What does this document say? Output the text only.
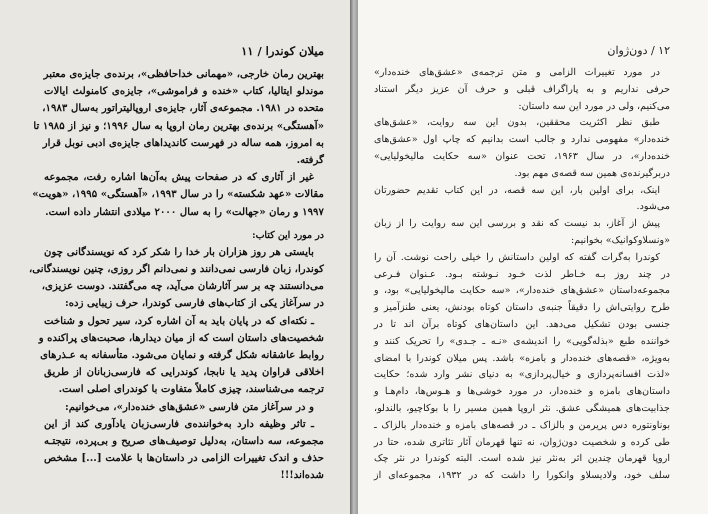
میلان کوندرا / ۱۱
بهترین رمان خارجی، «مهمانی خداحافظی»، برنده‌ی جایزه‌ی معتبر
موندلو ایتالیا، کتاب «خنده و فراموشی»، جایزه‌ی کامنولث ایالات
متحده در ۱۹۸۱. مجموعه‌ی آثار، جایزه‌ی اروپالیتراتور به‌سال ۱۹۸۳،
«آهستگی» برنده‌ی بهترین رمان اروپا به سال ۱۹۹۶؛ و نیز از ۱۹۸۵ تا
به امروز، همه ساله در فهرست کاندیداهای جایزه‌ی ادبی نوبل قرار
گرفته.
غیر از آثاری که در صفحات پیش به‌آن‌ها اشاره رفت، مجموعه
مقالات «عهد شکسته» را در سال ۱۹۹۳، «آهستگی» ۱۹۹۵، «هویت»
۱۹۹۷ و رمان «جهالت» را به سال ۲۰۰۰ میلادی انتشار داده است.
در مورد این کتاب:
بایستی هر روز هزاران بار خدا را شکر کرد که نویسندگانی چون
کوندرا، زبان فارسی نمی‌دانند و نمی‌دانم اگر روزی، چنین نویسندگانی،
می‌دانستند چه بر سر آثارشان می‌آید، چه می‌گفتند. دوست عزیزی،
در سرآغاز یکی از کتاب‌های فارسی کوندرا، حرف زیبایی زده:
ـ نکته‌ای که در پایان باید به آن اشاره کرد، سیر تحول و شناخت
شخصیت‌های داستان است که از میان دیدارها، صحبت‌های پراکنده و
روابط عاشقانه شکل گرفته و نمایان می‌شود. متأسفانه به عـذرهای
اخلاقی قراوان پدید یا نابجا، کوندرایی که فارسی‌زبانان از طریق
ترجمه می‌شناسند، چیزی کاملاً متفاوت با کوندرای اصلی است.
و در سرآغاز متن فارسی «عشق‌های خنده‌دار»، می‌خوانیم:
ـ تاثر وظیفه دارد به‌خواننده‌ی فارسی‌زبان یادآوری کند از این
مجموعه، سه داستان، به‌دلیل توصیف‌های صریح و بی‌پرده، نتیجتـه
حذف و اندک تغییرات الزامی در داستان‌ها با علامت [...] مشخص
شده‌اند!!!
۱۲ / دون‌ژوان
در مورد تغییرات الزامی و متن ترجمه‌ی «عشق‌های خنده‌دار»
حرفی نداریم و به پاراگراف قبلی و حرف آن عزیز دیگر استناد
می‌کنیم، ولی در مورد این سه داستان:
طبق نظر اکثریت محققین، بدون این سه روایت، «عشق‌های
خنده‌دار» مفهومی ندارد و جالب است بدانیم که چاپ اول «عشق‌های
خنده‌دار»، در سال ۱۹۶۳، تحت عنوان «سه حکایت مالیخولیایی»
دربرگیرنده‌ی همین سه قصه‌ی مهم بود.
اینک، برای اولین بار، این سه قصه، در این کتاب تقدیم حضورتان
می‌شود.
پیش از آغاز، بد نیست که نقد و بررسی این سه روایت را از زبان
«ونسلاوکوانیک» بخوانیم:
کوندرا به‌گرات گفته که اولین داستانش را خیلی راحت نوشت. آن را
در چند روز بـه خـاطر لذت خـود نـوشته بـود. عـنوان فـرعی
مجموعه‌داستان «عشق‌های خنده‌دار»، «سه حکایت مالیخولیایی» بود، و
طرح روایتی‌اش را دقیقاً جنبه‌ی داستان کوتاه بودنش، یعنی طنزآمیز و
جنسی بودن تشکیل می‌دهد. این داستان‌های کوتاه برآن اند تا در
خواننده طبع «بذله‌گویی» را اندیشه‌ی «نـه ـ جـدی» را تحریک کنند و
به‌ویژه، «قصه‌های خنده‌دار و بامزه» باشد. پس میلان کوندرا با امضای
«لذت افسانه‌پردازی و خیال‌پردازی» به دنیای نشر وارد شده؛ حکایت
داستان‌های بامزه و خنده‌دار، در مورد خوشی‌ها و هـوس‌ها، دام‌هـا و
جذابیت‌های همیشگی عشق. نثر اروپا همین مسیر را با بوکاچیو، بالندلو،
بوناونتوره دس پریرمن و بالزاک ـ در قصه‌های بامزه و خنده‌دار بالزاک ـ
طی کرده و شخصیت دون‌ژوان، نه تنها قهرمان آثار تئاتری شده، حتا در
اروپا قهرمان چندین اثر به‌نثر نیز شده است. البته کوندرا در نثر چک
سلف خود، ولادیسلاو وانکورا را داشت که در ۱۹۳۲، مجموعه‌ای از
